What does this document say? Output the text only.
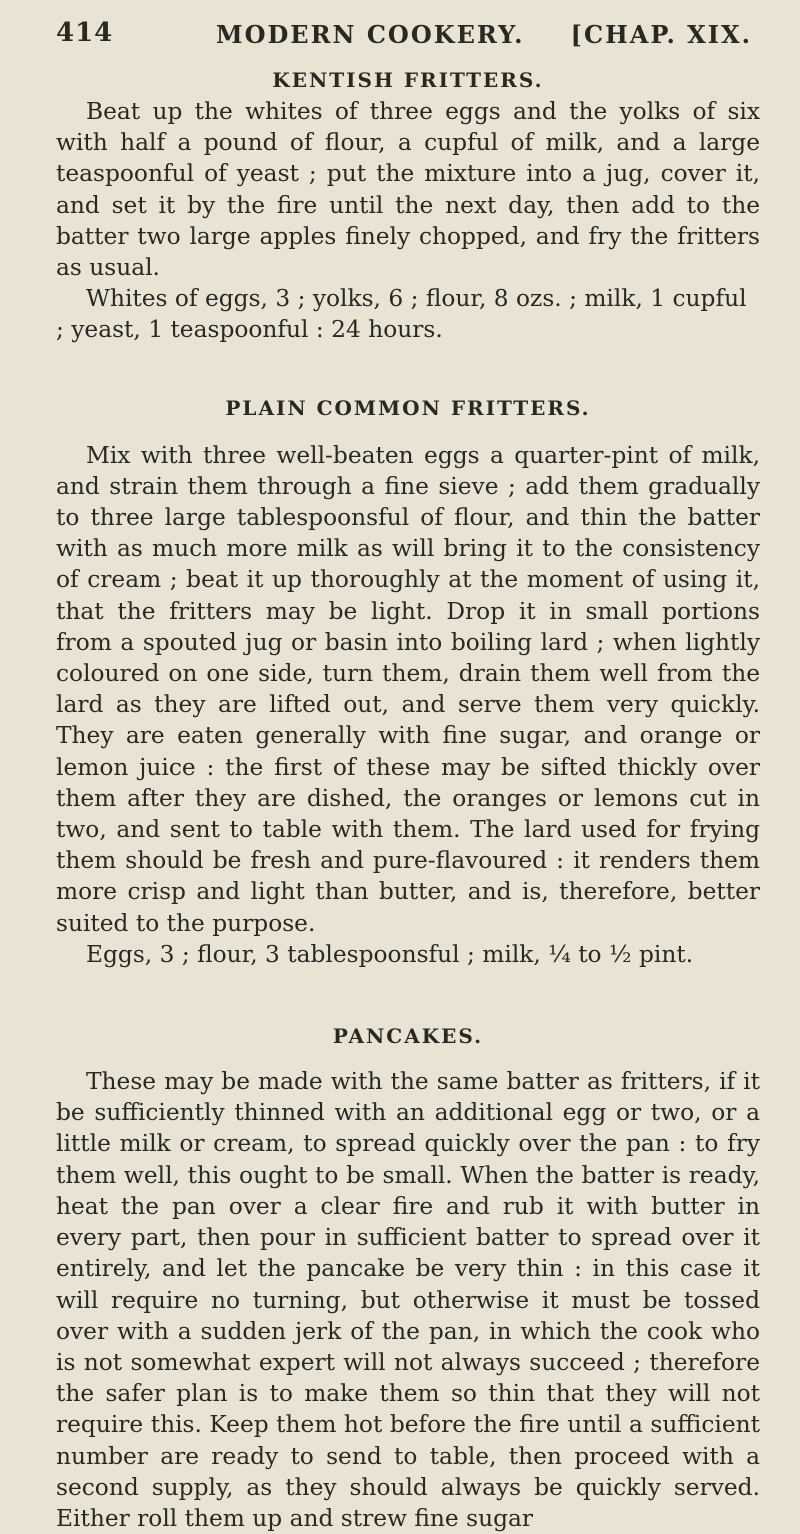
414	MODERN COOKERY. [CHAP. XIX.
KENTISH FRITTERS.

Beat up the whites of three eggs and the yolks of six with half a pound of flour, a cupful of milk, and a large teaspoonful of yeast ; put the mixture into a jug, cover it, and set it by the fire until the next day, then add to the batter two large apples finely chopped, and fry the fritters as usual.

Whites of eggs, 3 ; yolks, 6 ; flour, 8 ozs. ; milk, 1 cupful ; yeast, 1 teaspoonful : 24 hours.

PLAIN COMMON FRITTERS.

Mix with three well-beaten eggs a quarter-pint of milk, and strain them through a fine sieve ; add them gradually to three large tablespoonsful of flour, and thin the batter with as much more milk as will bring it to the consistency of cream ; beat it up thoroughly at the moment of using it, that the fritters may be light. Drop it in small portions from a spouted jug or basin into boiling lard ; when lightly coloured on one side, turn them, drain them well from the lard as they are lifted out, and serve them very quickly. They are eaten generally with fine sugar, and orange or lemon juice : the first of these may be sifted thickly over them after they are dished, the oranges or lemons cut in two, and sent to table with them. The lard used for frying them should be fresh and pure-flavoured : it renders them more crisp and light than butter, and is, therefore, better suited to the purpose.

Eggs, 3 ; flour, 3 tablespoonsful ; milk, ¼ to ½ pint.

PANCAKES.

These may be made with the same batter as fritters, if it be sufficiently thinned with an additional egg or two, or a little milk or cream, to spread quickly over the pan : to fry them well, this ought to be small. When the batter is ready, heat the pan over a clear fire and rub it with butter in every part, then pour in sufficient batter to spread over it entirely, and let the pancake be very thin : in this case it will require no turning, but otherwise it must be tossed over with a sudden jerk of the pan, in which the cook who is not somewhat expert will not always succeed ; therefore the safer plan is to make them so thin that they will not require this. Keep them hot before the fire until a sufficient number are ready to send to table, then proceed with a second supply, as they should always be quickly served. Either roll them up and strew fine sugar
